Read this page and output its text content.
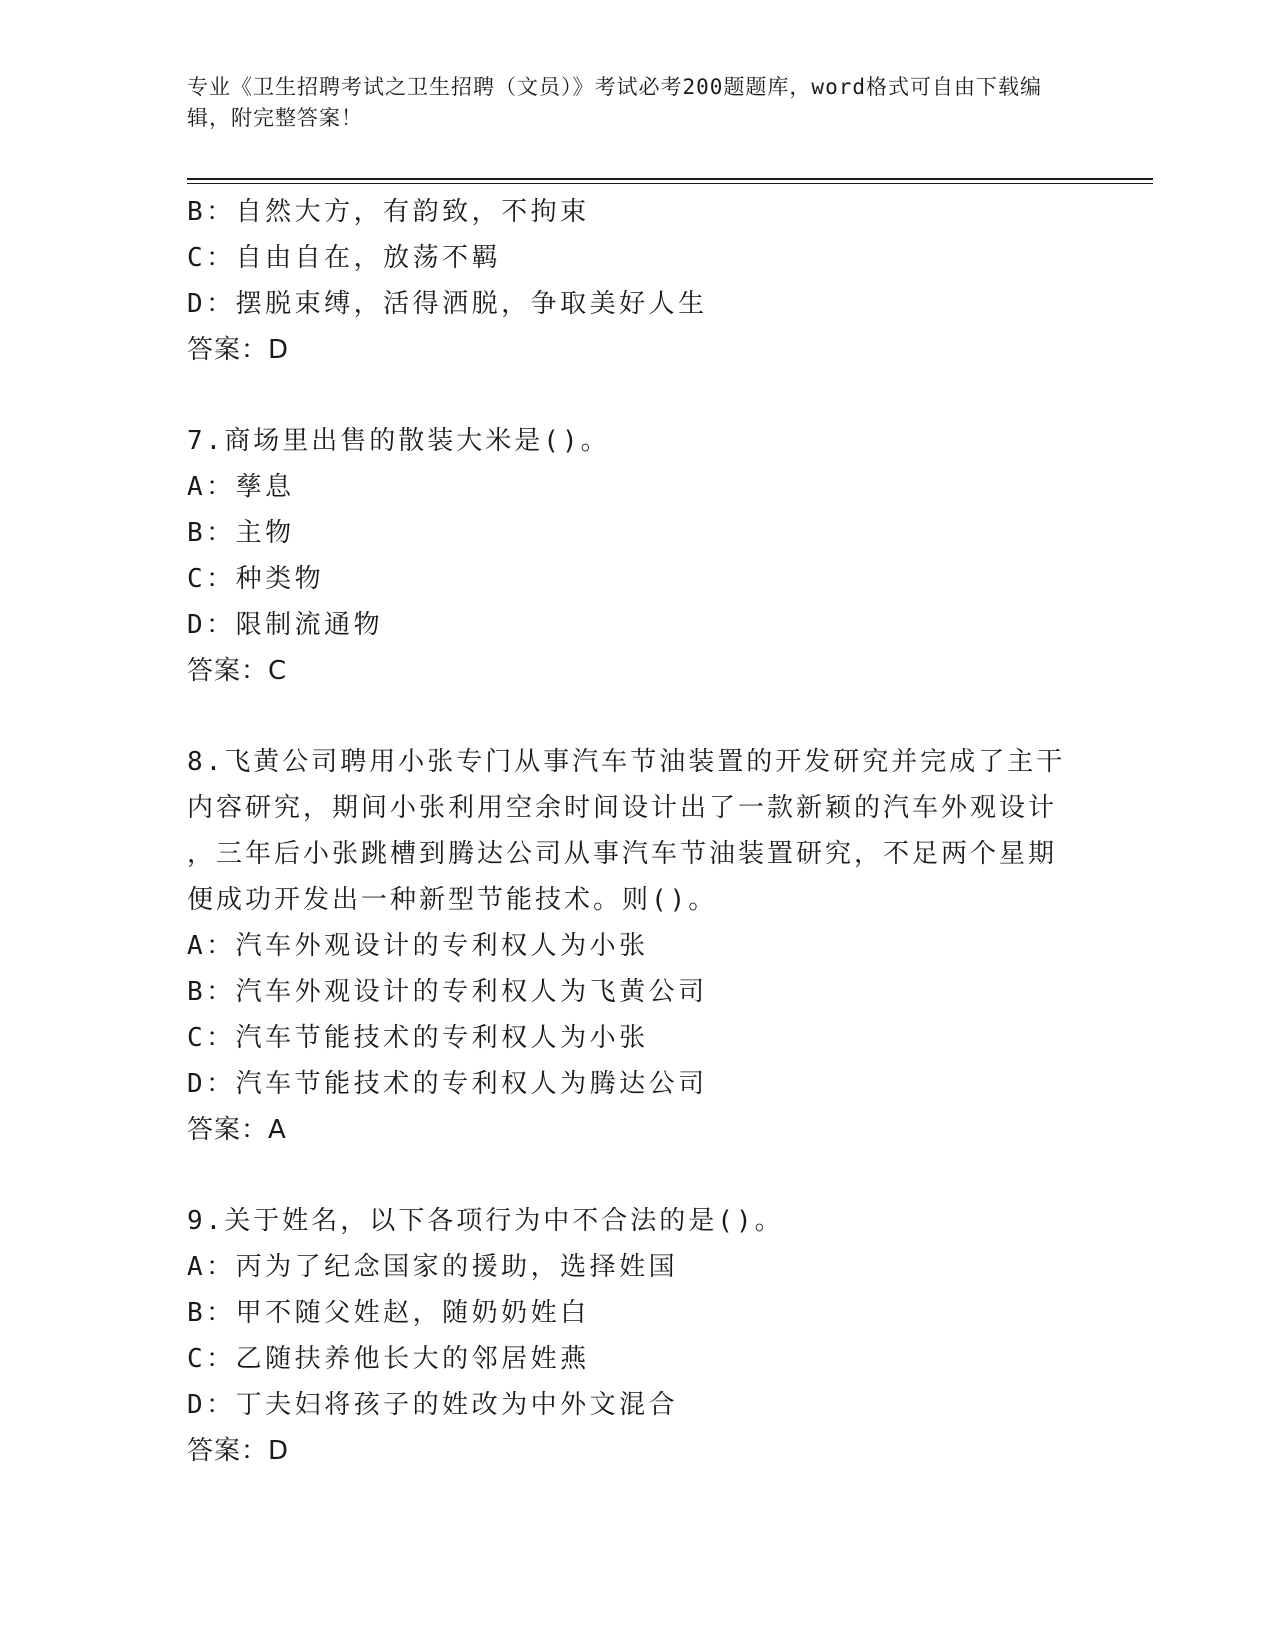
专业《卫生招聘考试之卫生招聘（文员）》考试必考200题题库，word格式可自由下载编辑，附完整答案！
B：自然大方，有韵致，不拘束
C：自由自在，放荡不羁
D：摆脱束缚，活得洒脱，争取美好人生
答案：D
7.商场里出售的散装大米是()。
A：孳息
B：主物
C：种类物
D：限制流通物
答案：C
8.飞黄公司聘用小张专门从事汽车节油装置的开发研究并完成了主干
内容研究，期间小张利用空余时间设计出了一款新颖的汽车外观设计
，三年后小张跳槽到腾达公司从事汽车节油装置研究，不足两个星期
便成功开发出一种新型节能技术。则()。
A：汽车外观设计的专利权人为小张
B：汽车外观设计的专利权人为飞黄公司
C：汽车节能技术的专利权人为小张
D：汽车节能技术的专利权人为腾达公司
答案：A
9.关于姓名，以下各项行为中不合法的是()。
A：丙为了纪念国家的援助，选择姓国
B：甲不随父姓赵，随奶奶姓白
C：乙随扶养他长大的邻居姓燕
D：丁夫妇将孩子的姓改为中外文混合
答案：D
